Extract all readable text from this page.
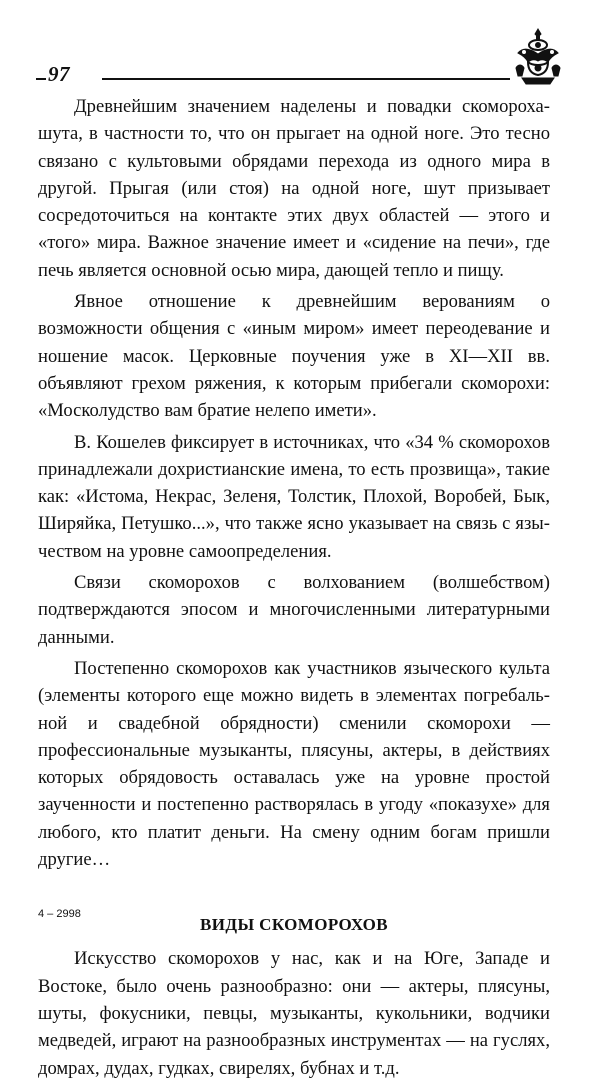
97

Древнейшим значением наделены и повадки скомороха-шута, в частности то, что он прыгает на одной ноге. Это тесно связано с культовыми обрядами перехода из одного мира в другой. Прыгая (или стоя) на одной ноге, шут призывает сосредоточиться на контакте этих двух областей — этого и «того» мира. Важное значение имеет и «сидение на печи», где печь является основной осью мира, дающей тепло и пищу.

Явное отношение к древнейшим верованиям о возможности общения с «иным миром» имеет переодевание и ношение масок. Церковные поучения уже в XI—XII вв. объявляют грехом ряжения, к которым прибегали скоморохи: «Москолудство вам братие нелепо имети».

В. Кошелев фиксирует в источниках, что «34 % скоморохов принадлежали дохристианские имена, то есть прозвища», такие как: «Истома, Некрас, Зеленя, Толстик, Плохой, Воробей, Бык, Ширяйка, Петушко...», что также ясно указывает на связь с язычеством на уровне самоопределения.

Связи скоморохов с волхованием (волшебством) подтверждаются эпосом и многочисленными литературными данными.

Постепенно скоморохов как участников языческого культа (элементы которого еще можно видеть в элементах погребальной и свадебной обрядности) сменили скоморохи — профессиональные музыканты, плясуны, актеры, в действиях которых обрядовость оставалась уже на уровне простой заученности и постепенно растворялась в угоду «показухе» для любого, кто платит деньги. На смену одним богам пришли другие…

ВИДЫ СКОМОРОХОВ

Искусство скоморохов у нас, как и на Юге, Западе и Востоке, было очень разнообразно: они — актеры, плясуны, шуты, фокусники, певцы, музыканты, кукольники, водчики медведей, играют на разнообразных инструментах — на гуслях, домрах, дудах, гудках, свирелях, бубнах и т.д.

4 – 2998
